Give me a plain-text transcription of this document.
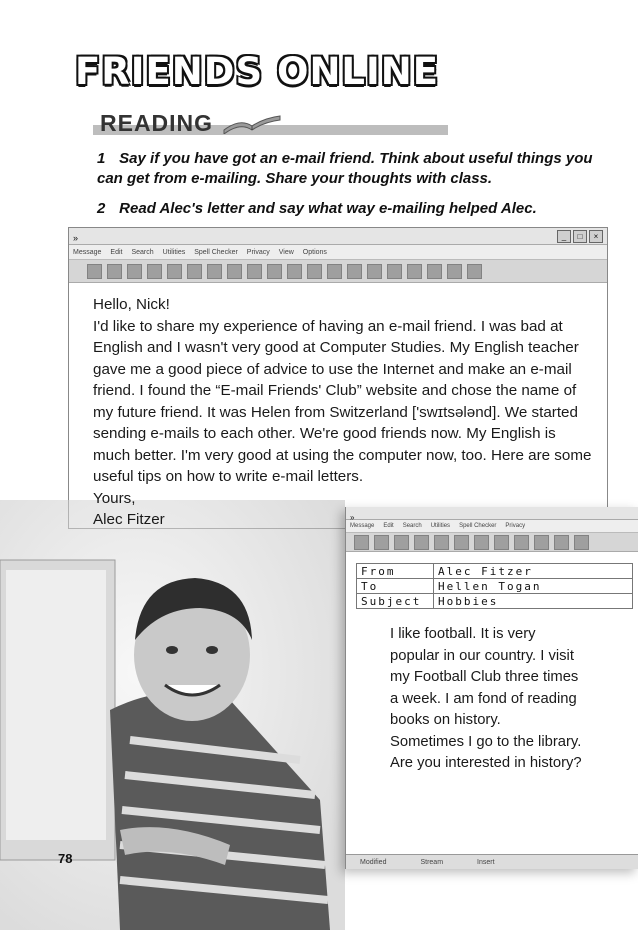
FRIENDS ONLINE
READING
1 Say if you have got an e-mail friend. Think about useful things you can get from e-mailing. Share your thoughts with class.
2 Read Alec's letter and say what way e-mailing helped Alec.
»	_	□	×
Message Edit Search Utilities Spell Checker Privacy View Options

Hello, Nick!

I'd like to share my experience of having an e-mail friend. I was bad at English and I wasn't very good at Computer Studies. My English teacher gave me a good piece of advice to use the Internet and make an e-mail friend. I found the “E-mail Friends' Club” website and chose the name of my future friend. It was Helen from Switzerland ['swɪtsələnd]. We started sending e-mails to each other. We're good friends now. My English is much better. I'm very good at using the computer now, too. Here are some useful tips on how to write e-mail letters.

Yours,

Alec Fitzer	»
Message Edit Search Utilities Spell Checker Privacy
From	Alec Fitzer
To	Hellen Togan
Subject	Hobbies

I like football. It is very popular in our country. I visit my Football Club three times a week. I am fond of reading books on history.

Sometimes I go to the library. Are you interested in history?

Modified	Stream	Insert
78
